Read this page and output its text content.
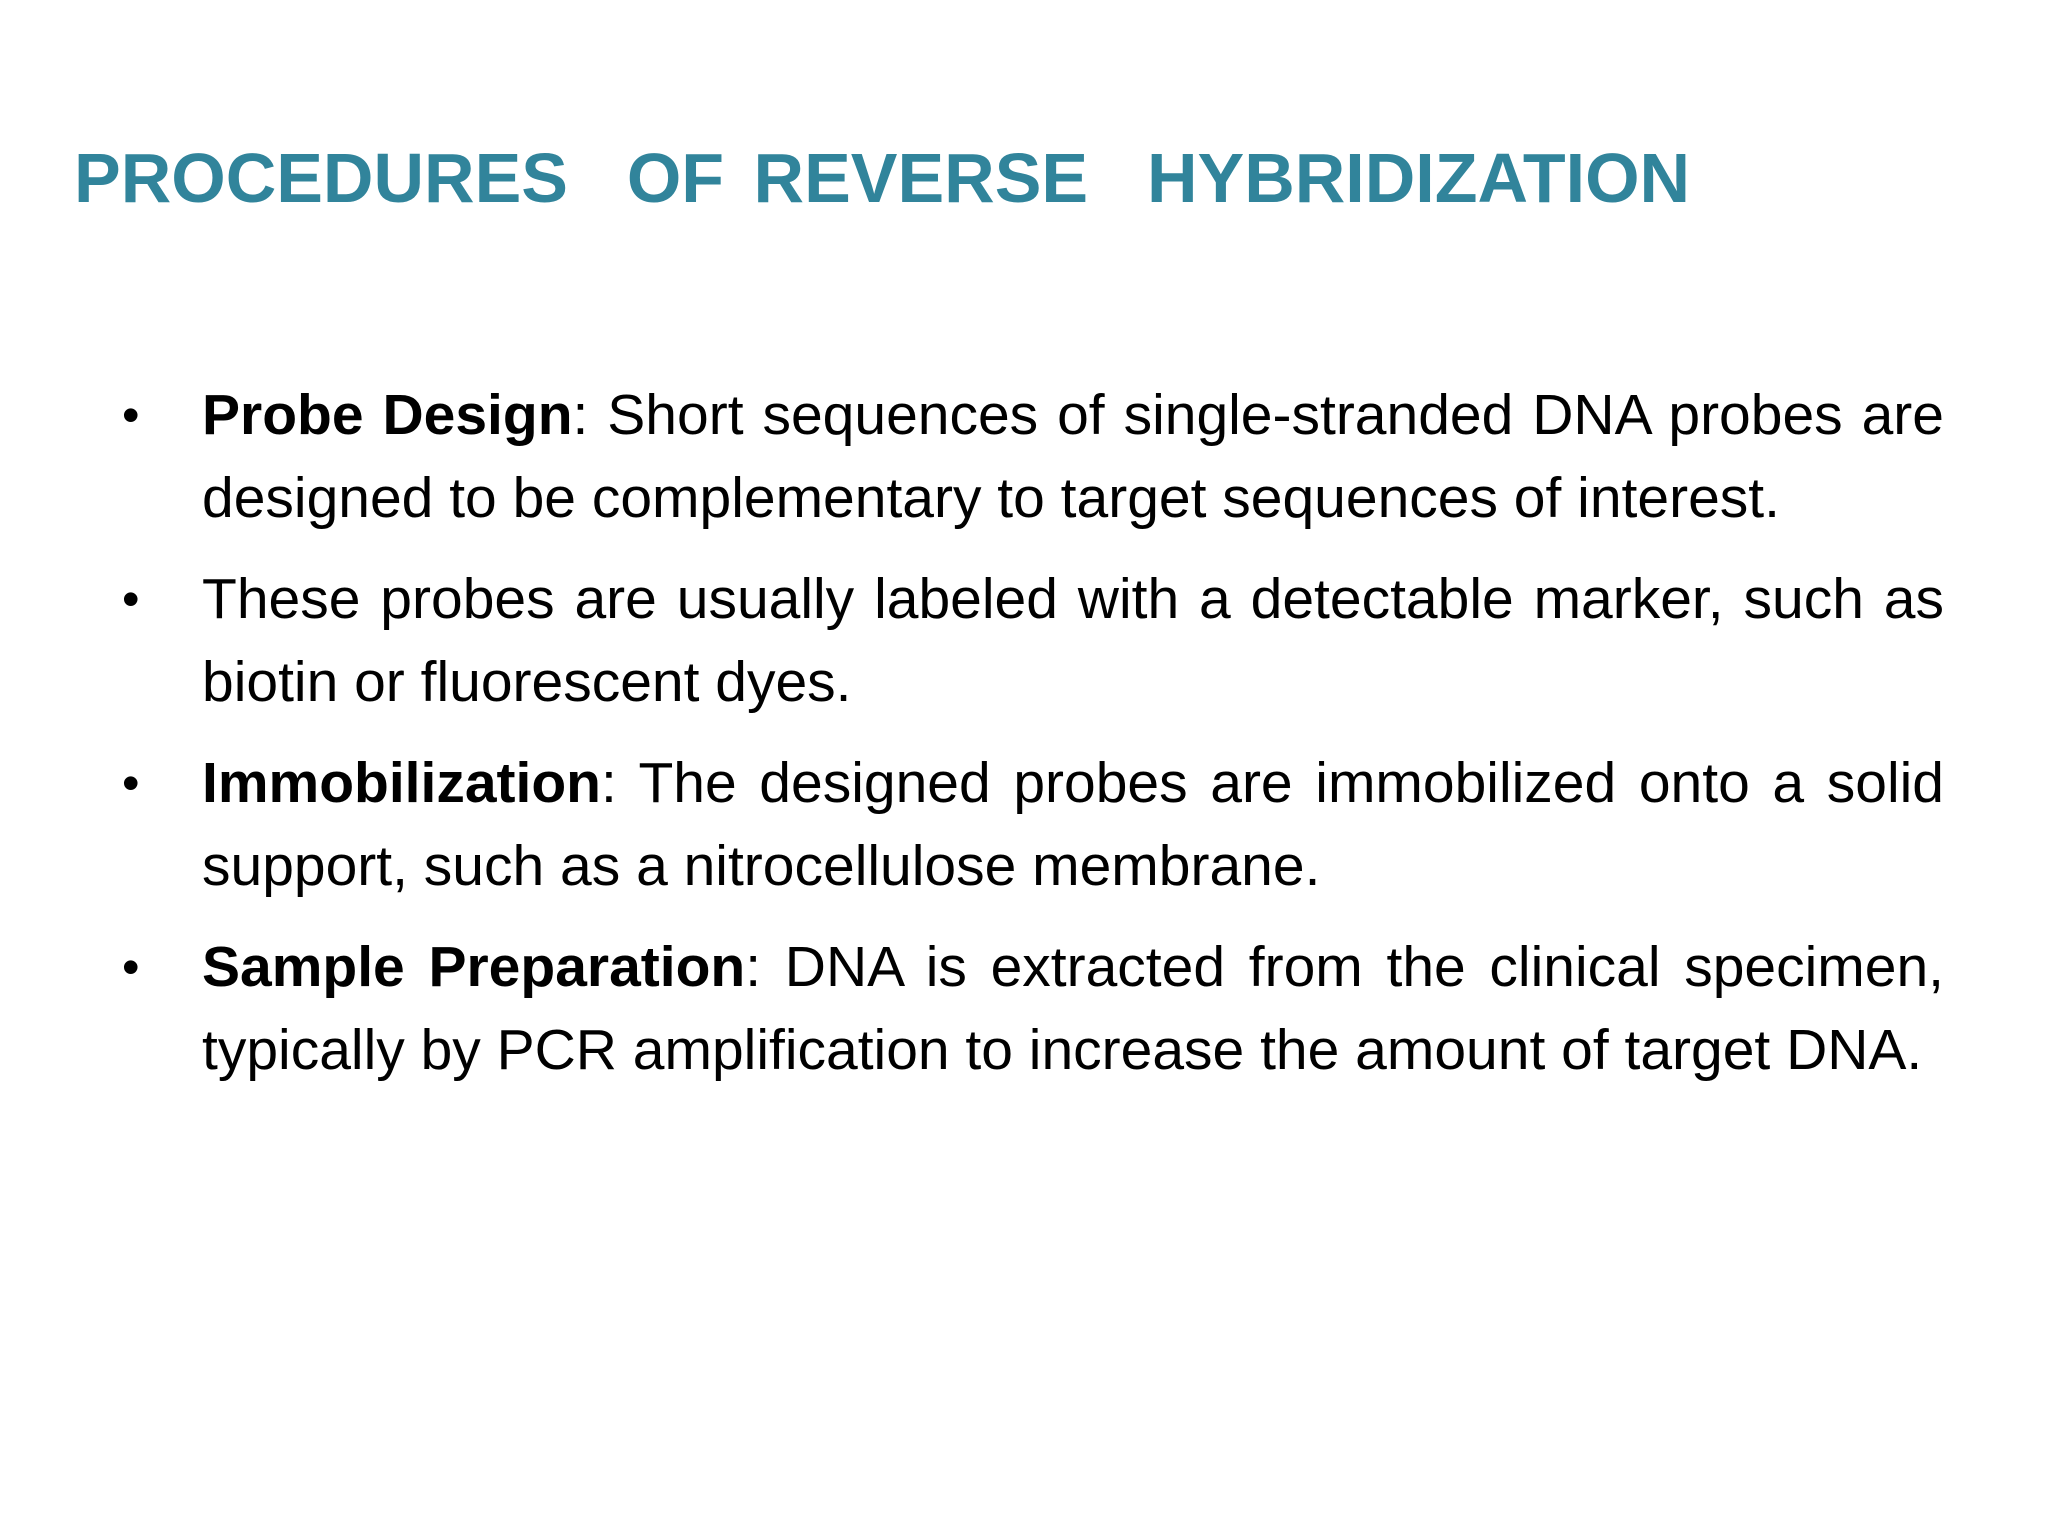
PROCEDURES  OF REVERSE  HYBRIDIZATION
•	Probe Design: Short sequences of single-stranded DNA probes are designed to be complementary to target sequences of interest.
•	These probes are usually labeled with a detectable marker, such as biotin or fluorescent dyes.
•	Immobilization: The designed probes are immobilized onto a solid support, such as a nitrocellulose membrane.
•	Sample Preparation: DNA is extracted from the clinical specimen, typically by PCR amplification to increase the amount of target DNA.
